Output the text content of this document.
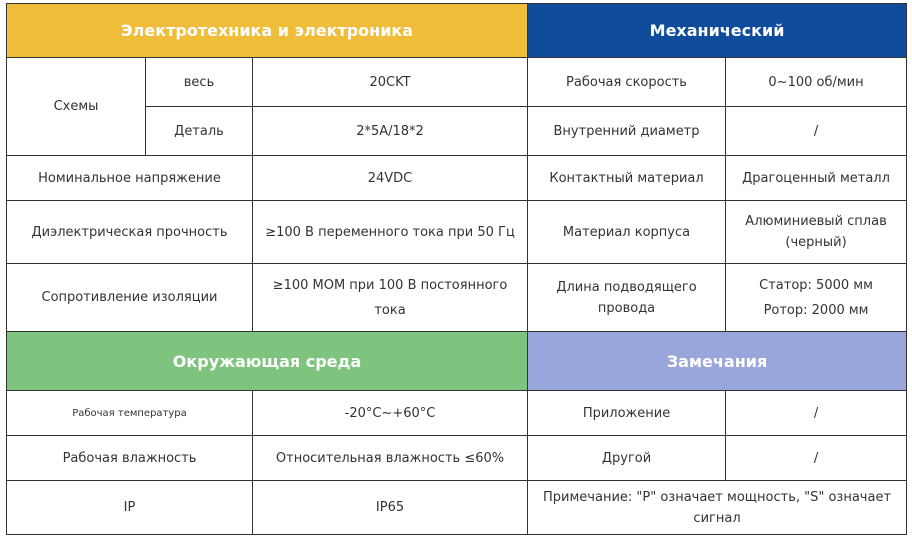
Электротехника и электроника			Механический	
Схемы	весь	20CKT	Рабочая скорость	0~100 об/мин
	Деталь	2*5A/18*2	Внутренний диаметр	/
Номинальное напряжение		24VDC	Контактный материал	Драгоценный металл
Диэлектрическая прочность		≥100 В переменного тока при 50 Гц	Материал корпуса	Алюминиевый сплав (черный)
Сопротивление изоляции		≥100 МОМ при 100 В постоянного тока	Длина подводящего провода	Статор: 5000 мм
Ротор: 2000 мм

Окружающая среда			Замечания	
Рабочая температура		-20°C~+60°C	Приложение	/
Рабочая влажность		Относительная влажность ≤60%	Другой	/
IP		IP65	Примечание: "P" означает мощность, "S" означает сигнал	
